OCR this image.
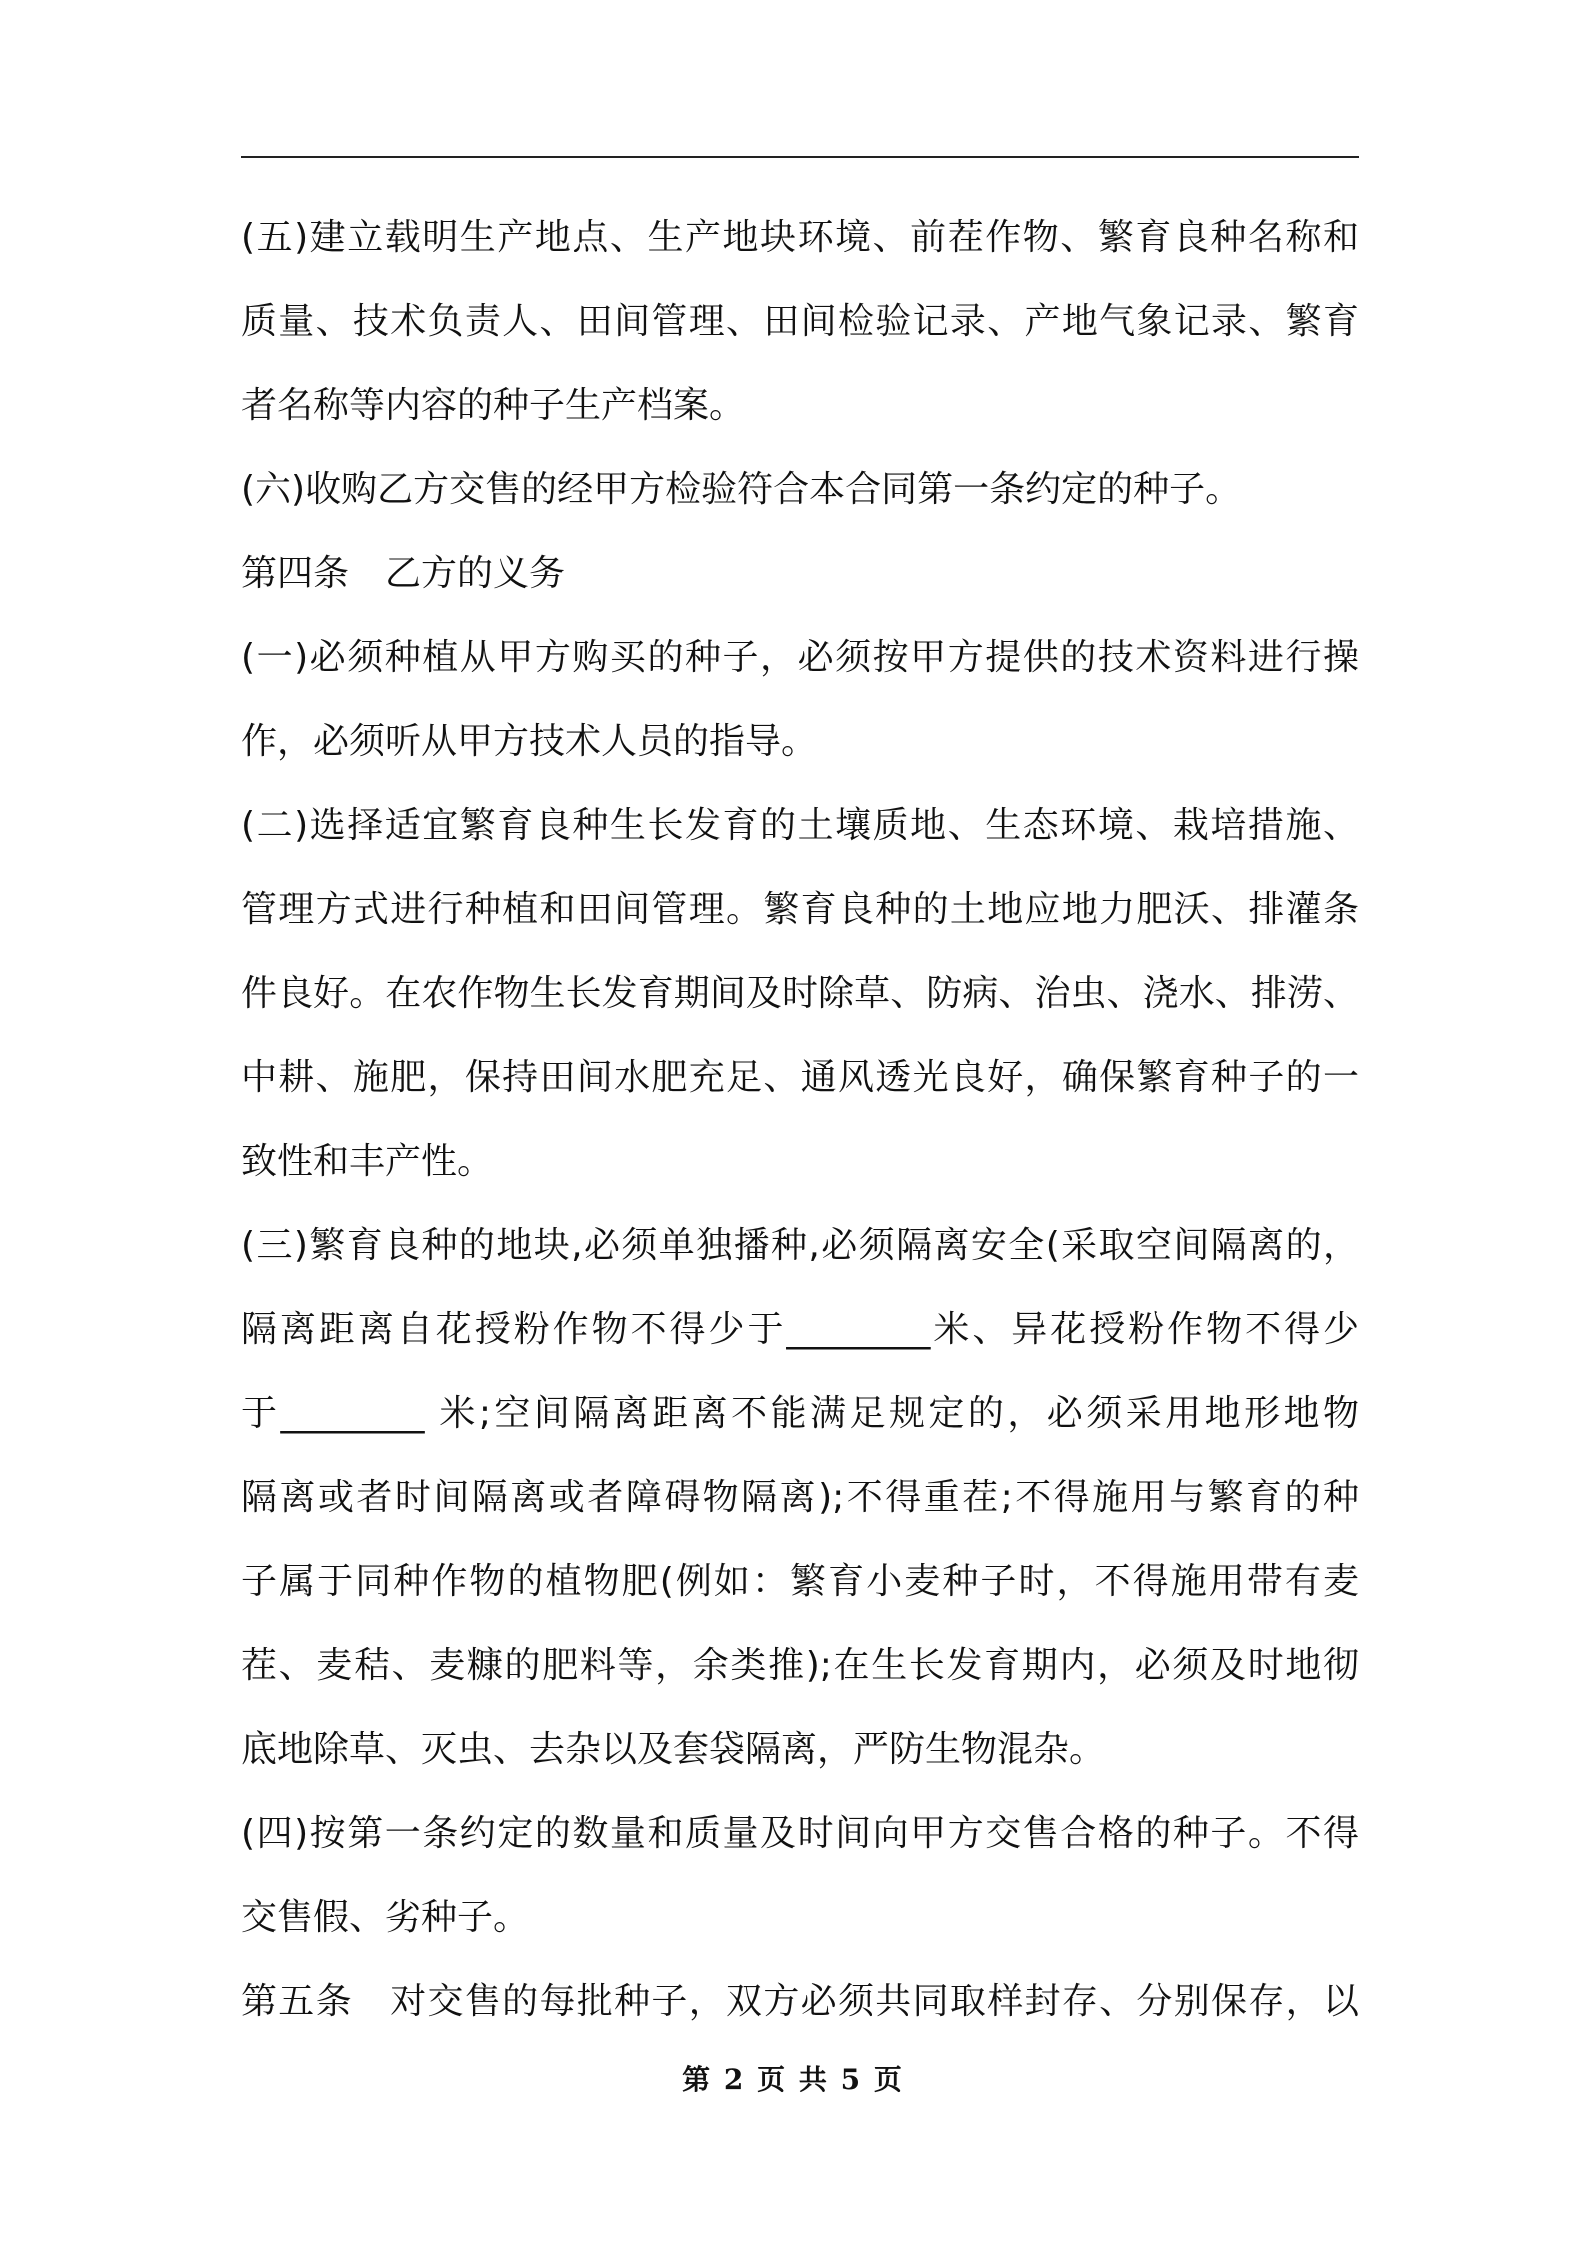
(五)建立载明生产地点、生产地块环境、前茬作物、繁育良种名称和
质量、技术负责人、田间管理、田间检验记录、产地气象记录、繁育
者名称等内容的种子生产档案。
(六)收购乙方交售的经甲方检验符合本合同第一条约定的种子。
第四条　乙方的义务
(一)必须种植从甲方购买的种子，必须按甲方提供的技术资料进行操
作，必须听从甲方技术人员的指导。
(二)选择适宜繁育良种生长发育的土壤质地、生态环境、栽培措施、
管理方式进行种植和田间管理。繁育良种的土地应地力肥沃、排灌条
件良好。在农作物生长发育期间及时除草、防病、治虫、浇水、排涝、
中耕、施肥，保持田间水肥充足、通风透光良好，确保繁育种子的一
致性和丰产性。
(三)繁育良种的地块,必须单独播种,必须隔离安全(采取空间隔离的，
隔离距离自花授粉作物不得少于________米、异花授粉作物不得少
于________ 米;空间隔离距离不能满足规定的，必须采用地形地物
隔离或者时间隔离或者障碍物隔离);不得重茬;不得施用与繁育的种
子属于同种作物的植物肥(例如：繁育小麦种子时，不得施用带有麦
茬、麦秸、麦糠的肥料等，余类推);在生长发育期内，必须及时地彻
底地除草、灭虫、去杂以及套袋隔离，严防生物混杂。
(四)按第一条约定的数量和质量及时间向甲方交售合格的种子。不得
交售假、劣种子。
第五条　对交售的每批种子，双方必须共同取样封存、分别保存，以
第 2 页 共 5 页
